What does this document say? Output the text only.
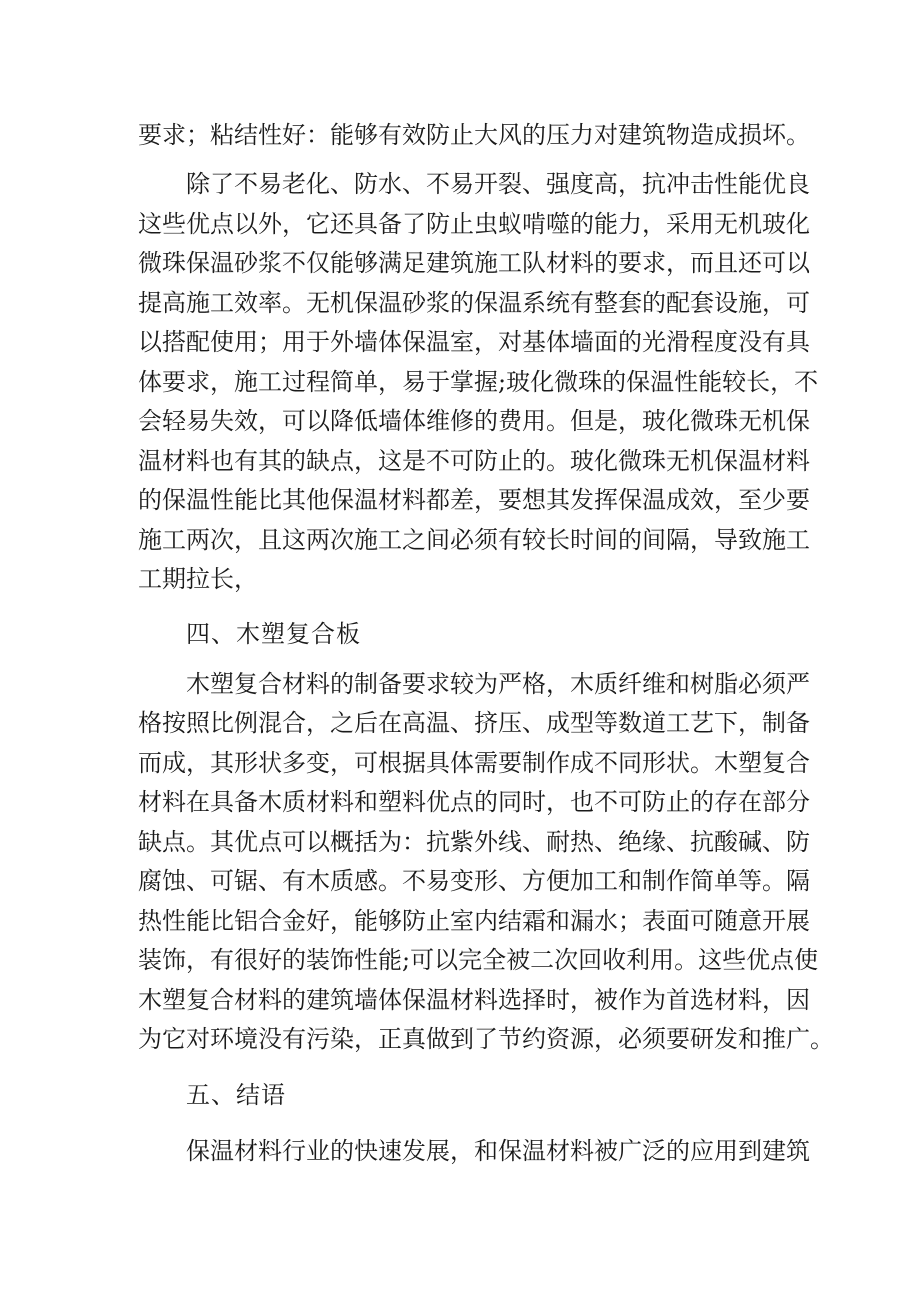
要求；粘结性好：能够有效防止大风的压力对建筑物造成损坏。
除了不易老化、防水、不易开裂、强度高，抗冲击性能优良
这些优点以外，它还具备了防止虫蚁啃噬的能力，采用无机玻化
微珠保温砂浆不仅能够满足建筑施工队材料的要求，而且还可以
提高施工效率。无机保温砂浆的保温系统有整套的配套设施，可
以搭配使用；用于外墙体保温室，对基体墙面的光滑程度没有具
体要求，施工过程简单，易于掌握;玻化微珠的保温性能较长，不
会轻易失效，可以降低墙体维修的费用。但是，玻化微珠无机保
温材料也有其的缺点，这是不可防止的。玻化微珠无机保温材料
的保温性能比其他保温材料都差，要想其发挥保温成效，至少要
施工两次，且这两次施工之间必须有较长时间的间隔，导致施工
工期拉长，
四、木塑复合板
木塑复合材料的制备要求较为严格，木质纤维和树脂必须严
格按照比例混合，之后在高温、挤压、成型等数道工艺下，制备
而成，其形状多变，可根据具体需要制作成不同形状。木塑复合
材料在具备木质材料和塑料优点的同时，也不可防止的存在部分
缺点。其优点可以概括为：抗紫外线、耐热、绝缘、抗酸碱、防
腐蚀、可锯、有木质感。不易变形、方便加工和制作简单等。隔
热性能比铝合金好，能够防止室内结霜和漏水；表面可随意开展
装饰，有很好的装饰性能;可以完全被二次回收利用。这些优点使
木塑复合材料的建筑墙体保温材料选择时，被作为首选材料，因
为它对环境没有污染，正真做到了节约资源，必须要研发和推广。
五、结语
保温材料行业的快速发展，和保温材料被广泛的应用到建筑
